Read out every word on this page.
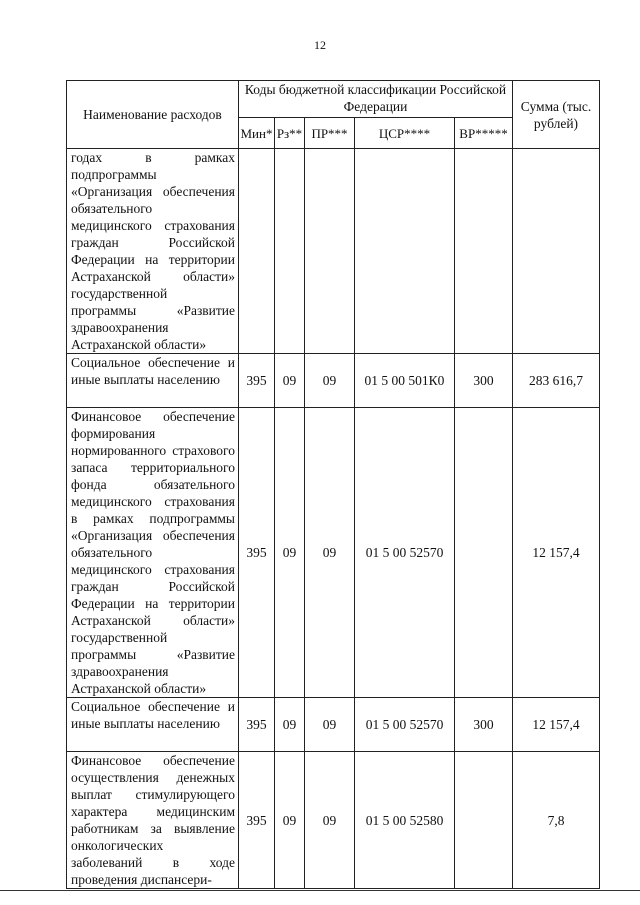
12
Наименование расходов	Коды бюджетной классификации Российской Федерации					Сумма (тыс. рублей)
	Мин*	Рз**	ПР***	ЦСР****	ВР*****	
годах в рамках подпрограммы «Организация обеспечения обязательного медицинского страхования граждан Российской Федерации на территории Астраханской области» государственной программы «Развитие здравоохранения Астраханской области»						
Социальное обеспечение и иные выплаты населению	395	09	09	01 5 00 501К0	300	283 616,7
Финансовое обеспечение формирования нормированного страхового запаса территориального фонда обязательного медицинского страхования в рамках подпрограммы «Организация обеспечения обязательного медицинского страхования граждан Российской Федерации на территории Астраханской области» государственной программы «Развитие здравоохранения Астраханской области»	395	09	09	01 5 00 52570		12 157,4
Социальное обеспечение и иные выплаты населению	395	09	09	01 5 00 52570	300	12 157,4
Финансовое обеспечение осуществления денежных выплат стимулирующего характера медицинским работникам за выявление онкологических заболеваний в ходе проведения диспансери-	395	09	09	01 5 00 52580		7,8
